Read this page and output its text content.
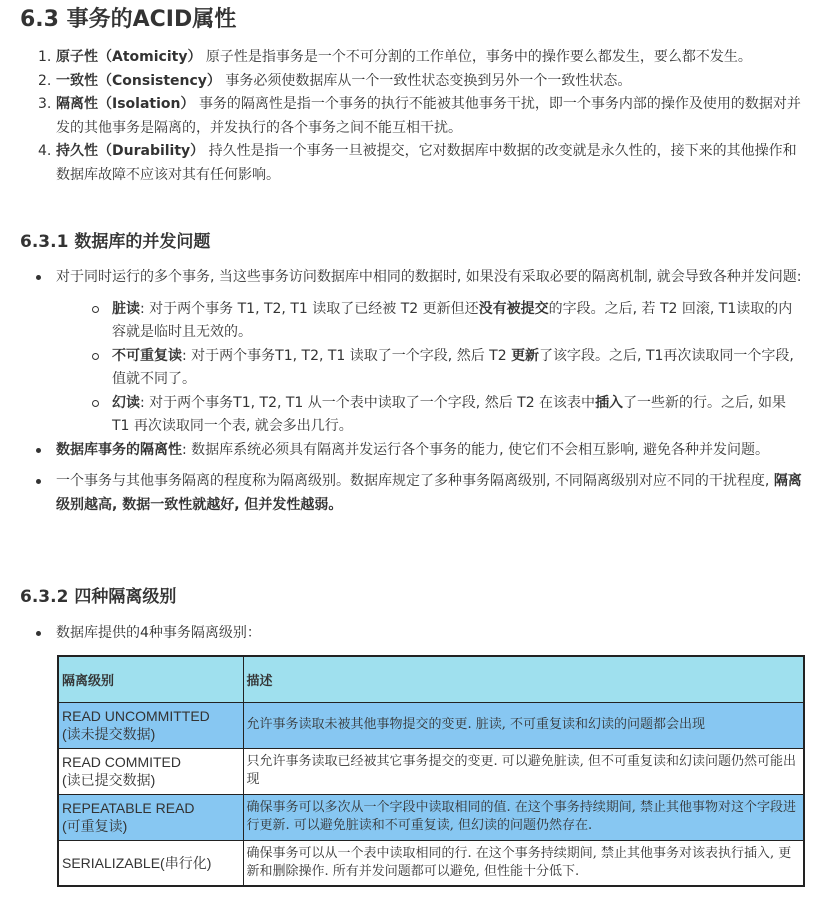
6.3 事务的ACID属性
1. 原子性（Atomicity） 原子性是指事务是一个不可分割的工作单位，事务中的操作要么都发生，要么都不发生。
2. 一致性（Consistency） 事务必须使数据库从一个一致性状态变换到另外一个一致性状态。
3. 隔离性（Isolation） 事务的隔离性是指一个事务的执行不能被其他事务干扰，即一个事务内部的操作及使用的数据对并发的其他事务是隔离的，并发执行的各个事务之间不能互相干扰。
4. 持久性（Durability） 持久性是指一个事务一旦被提交，它对数据库中数据的改变就是永久性的，接下来的其他操作和数据库故障不应该对其有任何影响。
6.3.1 数据库的并发问题
对于同时运行的多个事务, 当这些事务访问数据库中相同的数据时, 如果没有采取必要的隔离机制, 就会导致各种并发问题:
脏读: 对于两个事务 T1, T2, T1 读取了已经被 T2 更新但还没有被提交的字段。之后, 若 T2 回滚, T1读取的内容就是临时且无效的。
不可重复读: 对于两个事务T1, T2, T1 读取了一个字段, 然后 T2 更新了该字段。之后, T1再次读取同一个字段, 值就不同了。
幻读: 对于两个事务T1, T2, T1 从一个表中读取了一个字段, 然后 T2 在该表中插入了一些新的行。之后, 如果 T1 再次读取同一个表, 就会多出几行。
数据库事务的隔离性: 数据库系统必须具有隔离并发运行各个事务的能力, 使它们不会相互影响, 避免各种并发问题。
一个事务与其他事务隔离的程度称为隔离级别。数据库规定了多种事务隔离级别, 不同隔离级别对应不同的干扰程度, 隔离级别越高, 数据一致性就越好, 但并发性越弱。
6.3.2 四种隔离级别
数据库提供的4种事务隔离级别：
隔离级别	描述

READ UNCOMMITTED
(读未提交数据)	允许事务读取未被其他事物提交的变更. 脏读, 不可重复读和幻读的问题都会出现

READ COMMITED
(读已提交数据)	只允许事务读取已经被其它事务提交的变更. 可以避免脏读, 但不可重复读和幻读问题仍然可能出现

REPEATABLE READ
(可重复读)	确保事务可以多次从一个字段中读取相同的值. 在这个事务持续期间, 禁止其他事物对这个字段进行更新. 可以避免脏读和不可重复读, 但幻读的问题仍然存在.

SERIALIZABLE(串行化)	确保事务可以从一个表中读取相同的行. 在这个事务持续期间, 禁止其他事务对该表执行插入, 更新和删除操作. 所有并发问题都可以避免, 但性能十分低下.
